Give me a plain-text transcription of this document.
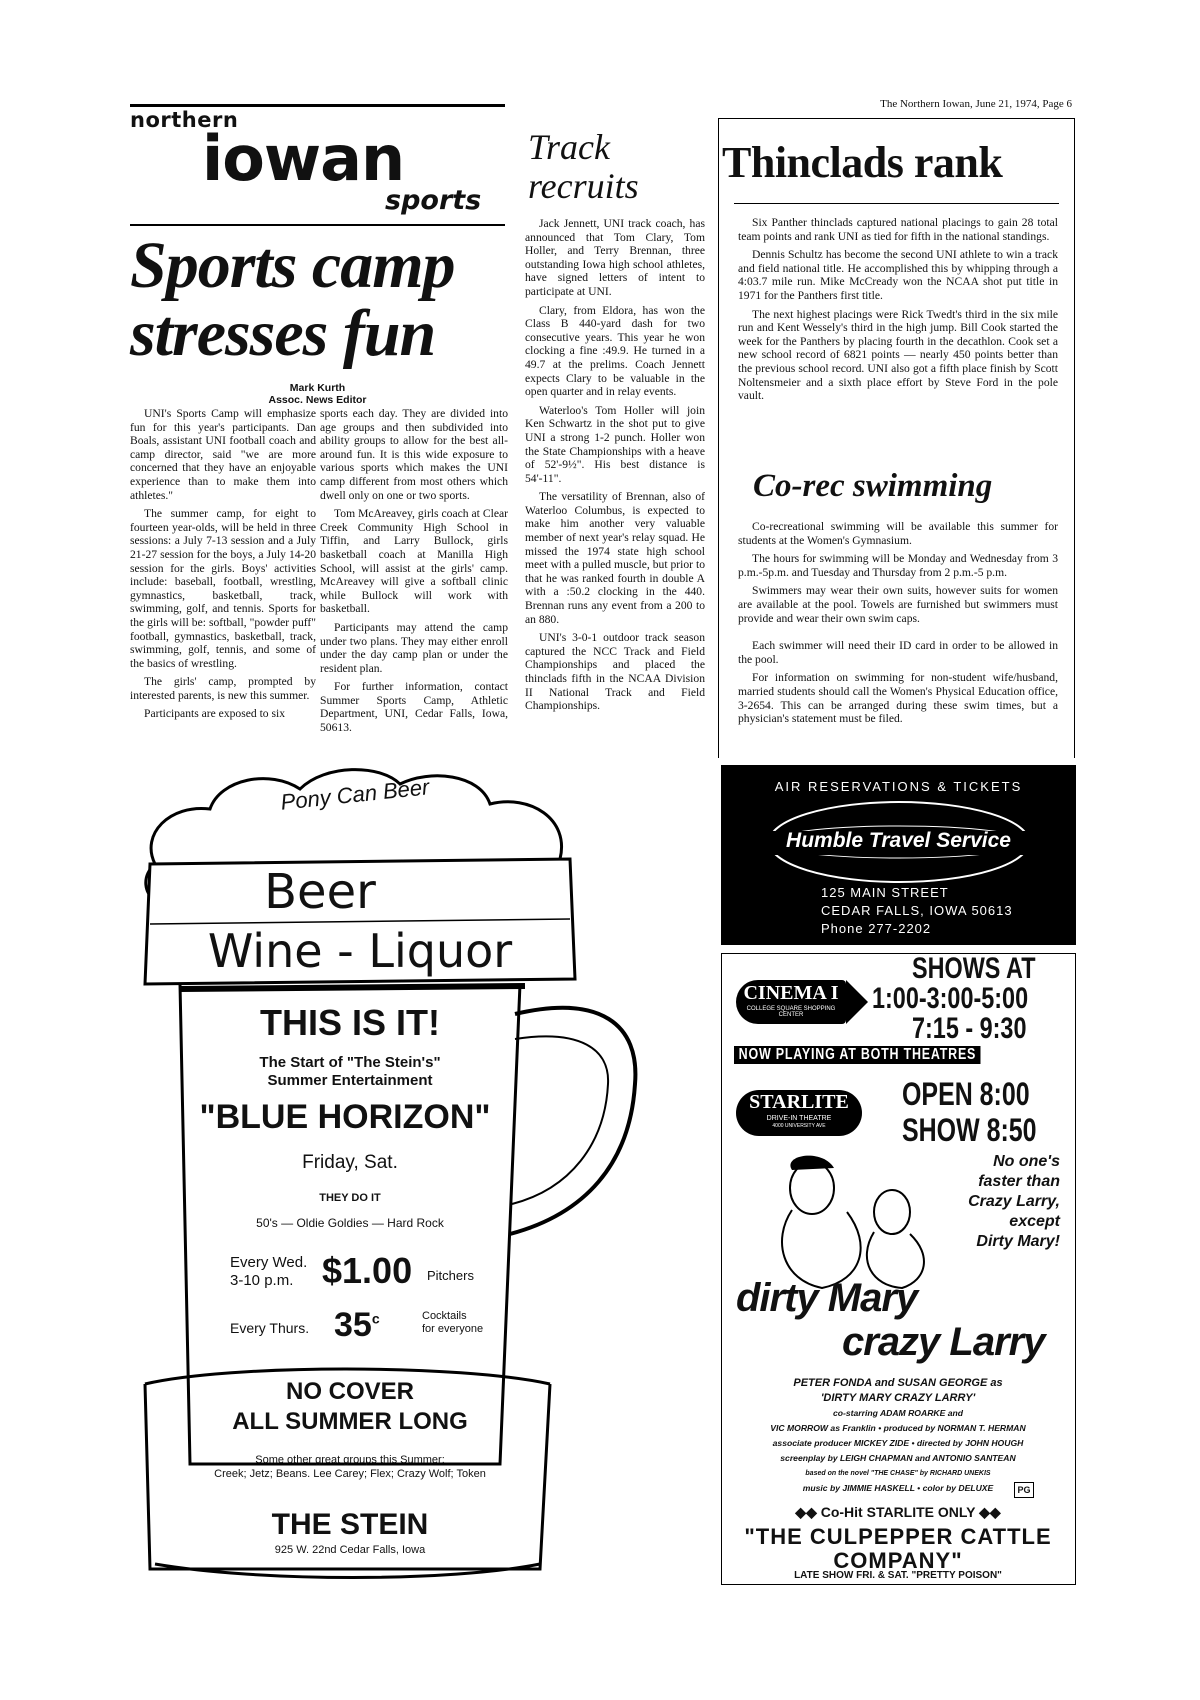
The Northern Iowan, June 21, 1974, Page 6
northern
iowan
sports
Sports camp stresses fun
Mark Kurth
Assoc. News Editor

UNI's Sports Camp will emphasize fun for this year's participants. Dan Boals, assistant UNI football coach and camp director, said "we are more concerned that they have an enjoyable experience than to make them into athletes."

The summer camp, for eight to fourteen year-olds, will be held in three sessions: a July 7-13 session and a July 21-27 session for the boys, a July 14-20 session for the girls. Boys' activities include: baseball, football, wrestling, gymnastics, basketball, track, swimming, golf, and tennis. Sports for the girls will be: softball, "powder puff" football, gymnastics, basketball, track, swimming, golf, tennis, and some of the basics of wrestling.

The girls' camp, prompted by interested parents, is new this summer.

Participants are exposed to six

sports each day. They are divided into age groups and then subdivided into ability groups to allow for the best all-around fun. It is this wide exposure to various sports which makes the UNI camp different from most others which dwell only on one or two sports.

Tom McAreavey, girls coach at Clear Creek Community High School in Tiffin, and Larry Bullock, girls basketball coach at Manilla High School, will assist at the girls' camp. McAreavey will give a softball clinic while Bullock will work with basketball.

Participants may attend the camp under two plans. They may either enroll under the day camp plan or under the resident plan.

For further information, contact Summer Sports Camp, Athletic Department, UNI, Cedar Falls, Iowa, 50613.

Track recruits

Jack Jennett, UNI track coach, has announced that Tom Clary, Tom Holler, and Terry Brennan, three outstanding Iowa high school athletes, have signed letters of intent to participate at UNI.

Clary, from Eldora, has won the Class B 440-yard dash for two consecutive years. This year he won clocking a fine :49.9. He turned in a 49.7 at the prelims. Coach Jennett expects Clary to be valuable in the open quarter and in relay events.

Waterloo's Tom Holler will join Ken Schwartz in the shot put to give UNI a strong 1-2 punch. Holler won the State Championships with a heave of 52'-9½". His best distance is 54'-11".

The versatility of Brennan, also of Waterloo Columbus, is expected to make him another very valuable member of next year's relay squad. He missed the 1974 state high school meet with a pulled muscle, but prior to that he was ranked fourth in double A with a :50.2 clocking in the 440. Brennan runs any event from a 200 to an 880.

UNI's 3-0-1 outdoor track season captured the NCC Track and Field Championships and placed the thinclads fifth in the NCAA Division II National Track and Field Championships.

Thinclads rank

Six Panther thinclads captured national placings to gain 28 total team points and rank UNI as tied for fifth in the national standings.

Dennis Schultz has become the second UNI athlete to win a track and field national title. He accomplished this by whipping through a 4:03.7 mile run. Mike McCready won the NCAA shot put title in 1971 for the Panthers first title.

The next highest placings were Rick Twedt's third in the six mile run and Kent Wessely's third in the high jump. Bill Cook started the week for the Panthers by placing fourth in the decathlon. Cook set a new school record of 6821 points — nearly 450 points better than the previous school record. UNI also got a fifth place finish by Scott Noltensmeier and a sixth place effort by Steve Ford in the pole vault.

Co-rec swimming

Co-recreational swimming will be available this summer for students at the Women's Gymnasium.

The hours for swimming will be Monday and Wednesday from 3 p.m.-5p.m. and Tuesday and Thursday from 2 p.m.-5 p.m.

Swimmers may wear their own suits, however suits for women are available at the pool. Towels are furnished but swimmers must provide and wear their own swim caps.

Each swimmer will need their ID card in order to be allowed in the pool.

For information on swimming for non-student wife/husband, married students should call the Women's Physical Education office, 3-2654. This can be arranged during these swim times, but a physician's statement must be filed.

Pony Can Beer
Beer
Wine - Liquor
THIS IS IT!
The Start of "The Stein's"
Summer Entertainment
"BLUE HORIZON"
Friday, Sat.
THEY DO IT
50's — Oldie Goldies — Hard Rock
Every Wed.
3-10 p.m. $1.00	Pitchers
Every Thurs. 35$^c$	Cocktails
for everyone
NO COVER
ALL SUMMER LONG
Some other great groups this Summer:
Creek; Jetz; Beans. Lee Carey; Flex; Crazy Wolf; Token
THE STEIN
925 W. 22nd Cedar Falls, Iowa
AIR RESERVATIONS & TICKETS
Humble Travel Service
125 MAIN STREET
CEDAR FALLS, IOWA 50613
Phone 277-2202
CINEMA I
COLLEGE SQUARE SHOPPING CENTER
SHOWS AT
1:00-3:00-5:00
7:15 - 9:30
NOW PLAYING AT BOTH THEATRES
STARLITE
DRIVE-IN THEATRE
4000 UNIVERSITY AVE
OPEN 8:00
SHOW 8:50
No one's
faster than
Crazy Larry,
except
Dirty Mary!
dirty Mary
crazy Larry
PETER FONDA and SUSAN GEORGE as
'DIRTY MARY CRAZY LARRY'
co-starring ADAM ROARKE and
VIC MORROW as Franklin • produced by NORMAN T. HERMAN
associate producer MICKEY ZIDE • directed by JOHN HOUGH
screenplay by LEIGH CHAPMAN and ANTONIO SANTEAN
based on the novel "THE CHASE" by RICHARD UNEKIS
music by JIMMIE HASKELL • color by DELUXE	PG
◆◆ Co-Hit STARLITE ONLY ◆◆
"THE CULPEPPER CATTLE
COMPANY"
LATE SHOW FRI. & SAT. "PRETTY POISON"
